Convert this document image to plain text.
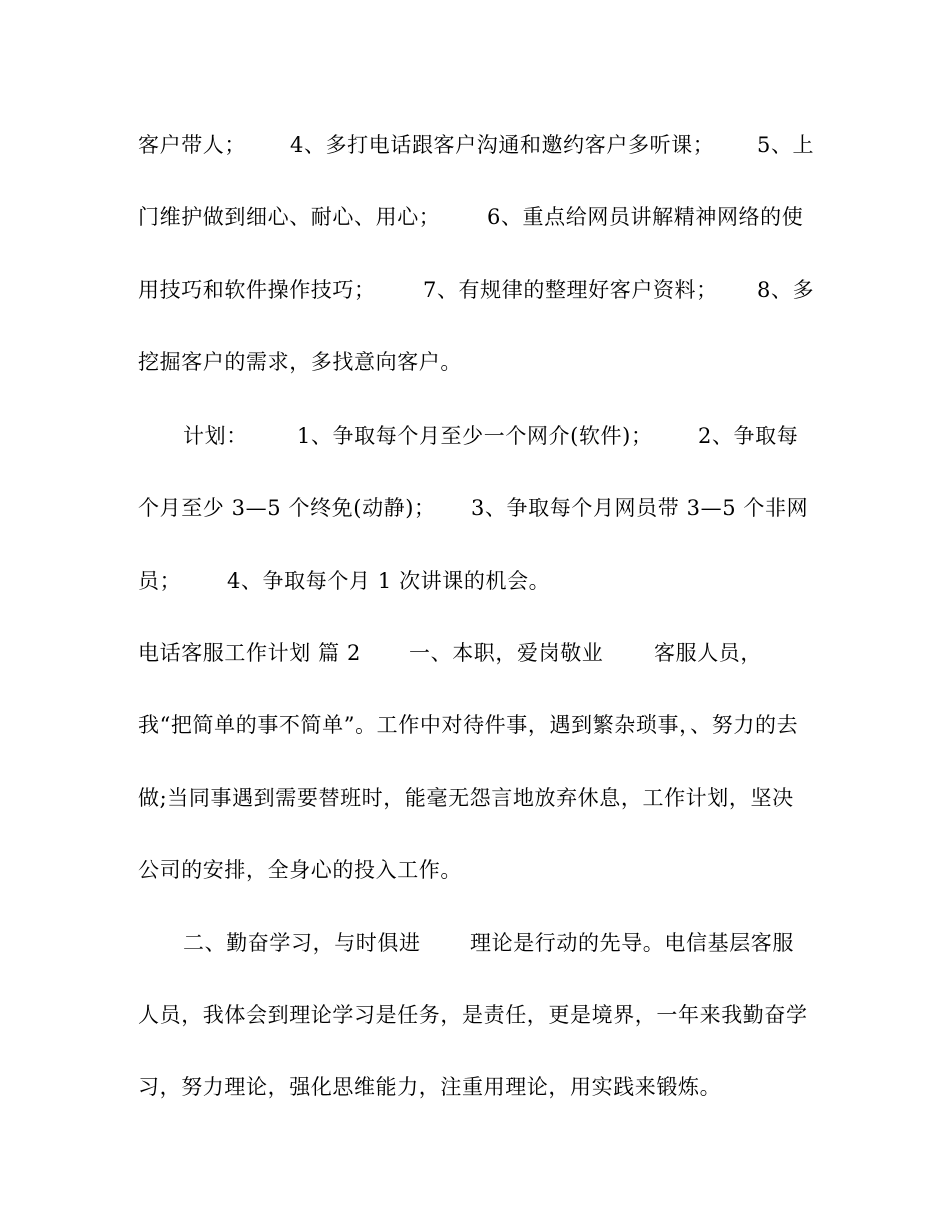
客户带人； 4、多打电话跟客户沟通和邀约客户多听课； 5、上
门维护做到细心、耐心、用心； 6、重点给网员讲解精神网络的使
用技巧和软件操作技巧； 7、有规律的整理好客户资料； 8、多
挖掘客户的需求，多找意向客户。
计划： 1、争取每个月至少一个网介(软件)； 2、争取每
个月至少 3—5 个终免(动静)； 3、争取每个月网员带 3—5 个非网
员； 4、争取每个月 1 次讲课的机会。
电话客服工作计划 篇 2 一、本职，爱岗敬业 客服人员，
我“把简单的事不简单”。工作中对待件事，遇到繁杂琐事，、努力的去
做;当同事遇到需要替班时，能毫无怨言地放弃休息，工作计划，坚决
公司的安排，全身心的投入工作。
二、勤奋学习，与时俱进 理论是行动的先导。电信基层客服
人员，我体会到理论学习是任务，是责任，更是境界，一年来我勤奋学
习，努力理论，强化思维能力，注重用理论，用实践来锻炼。
